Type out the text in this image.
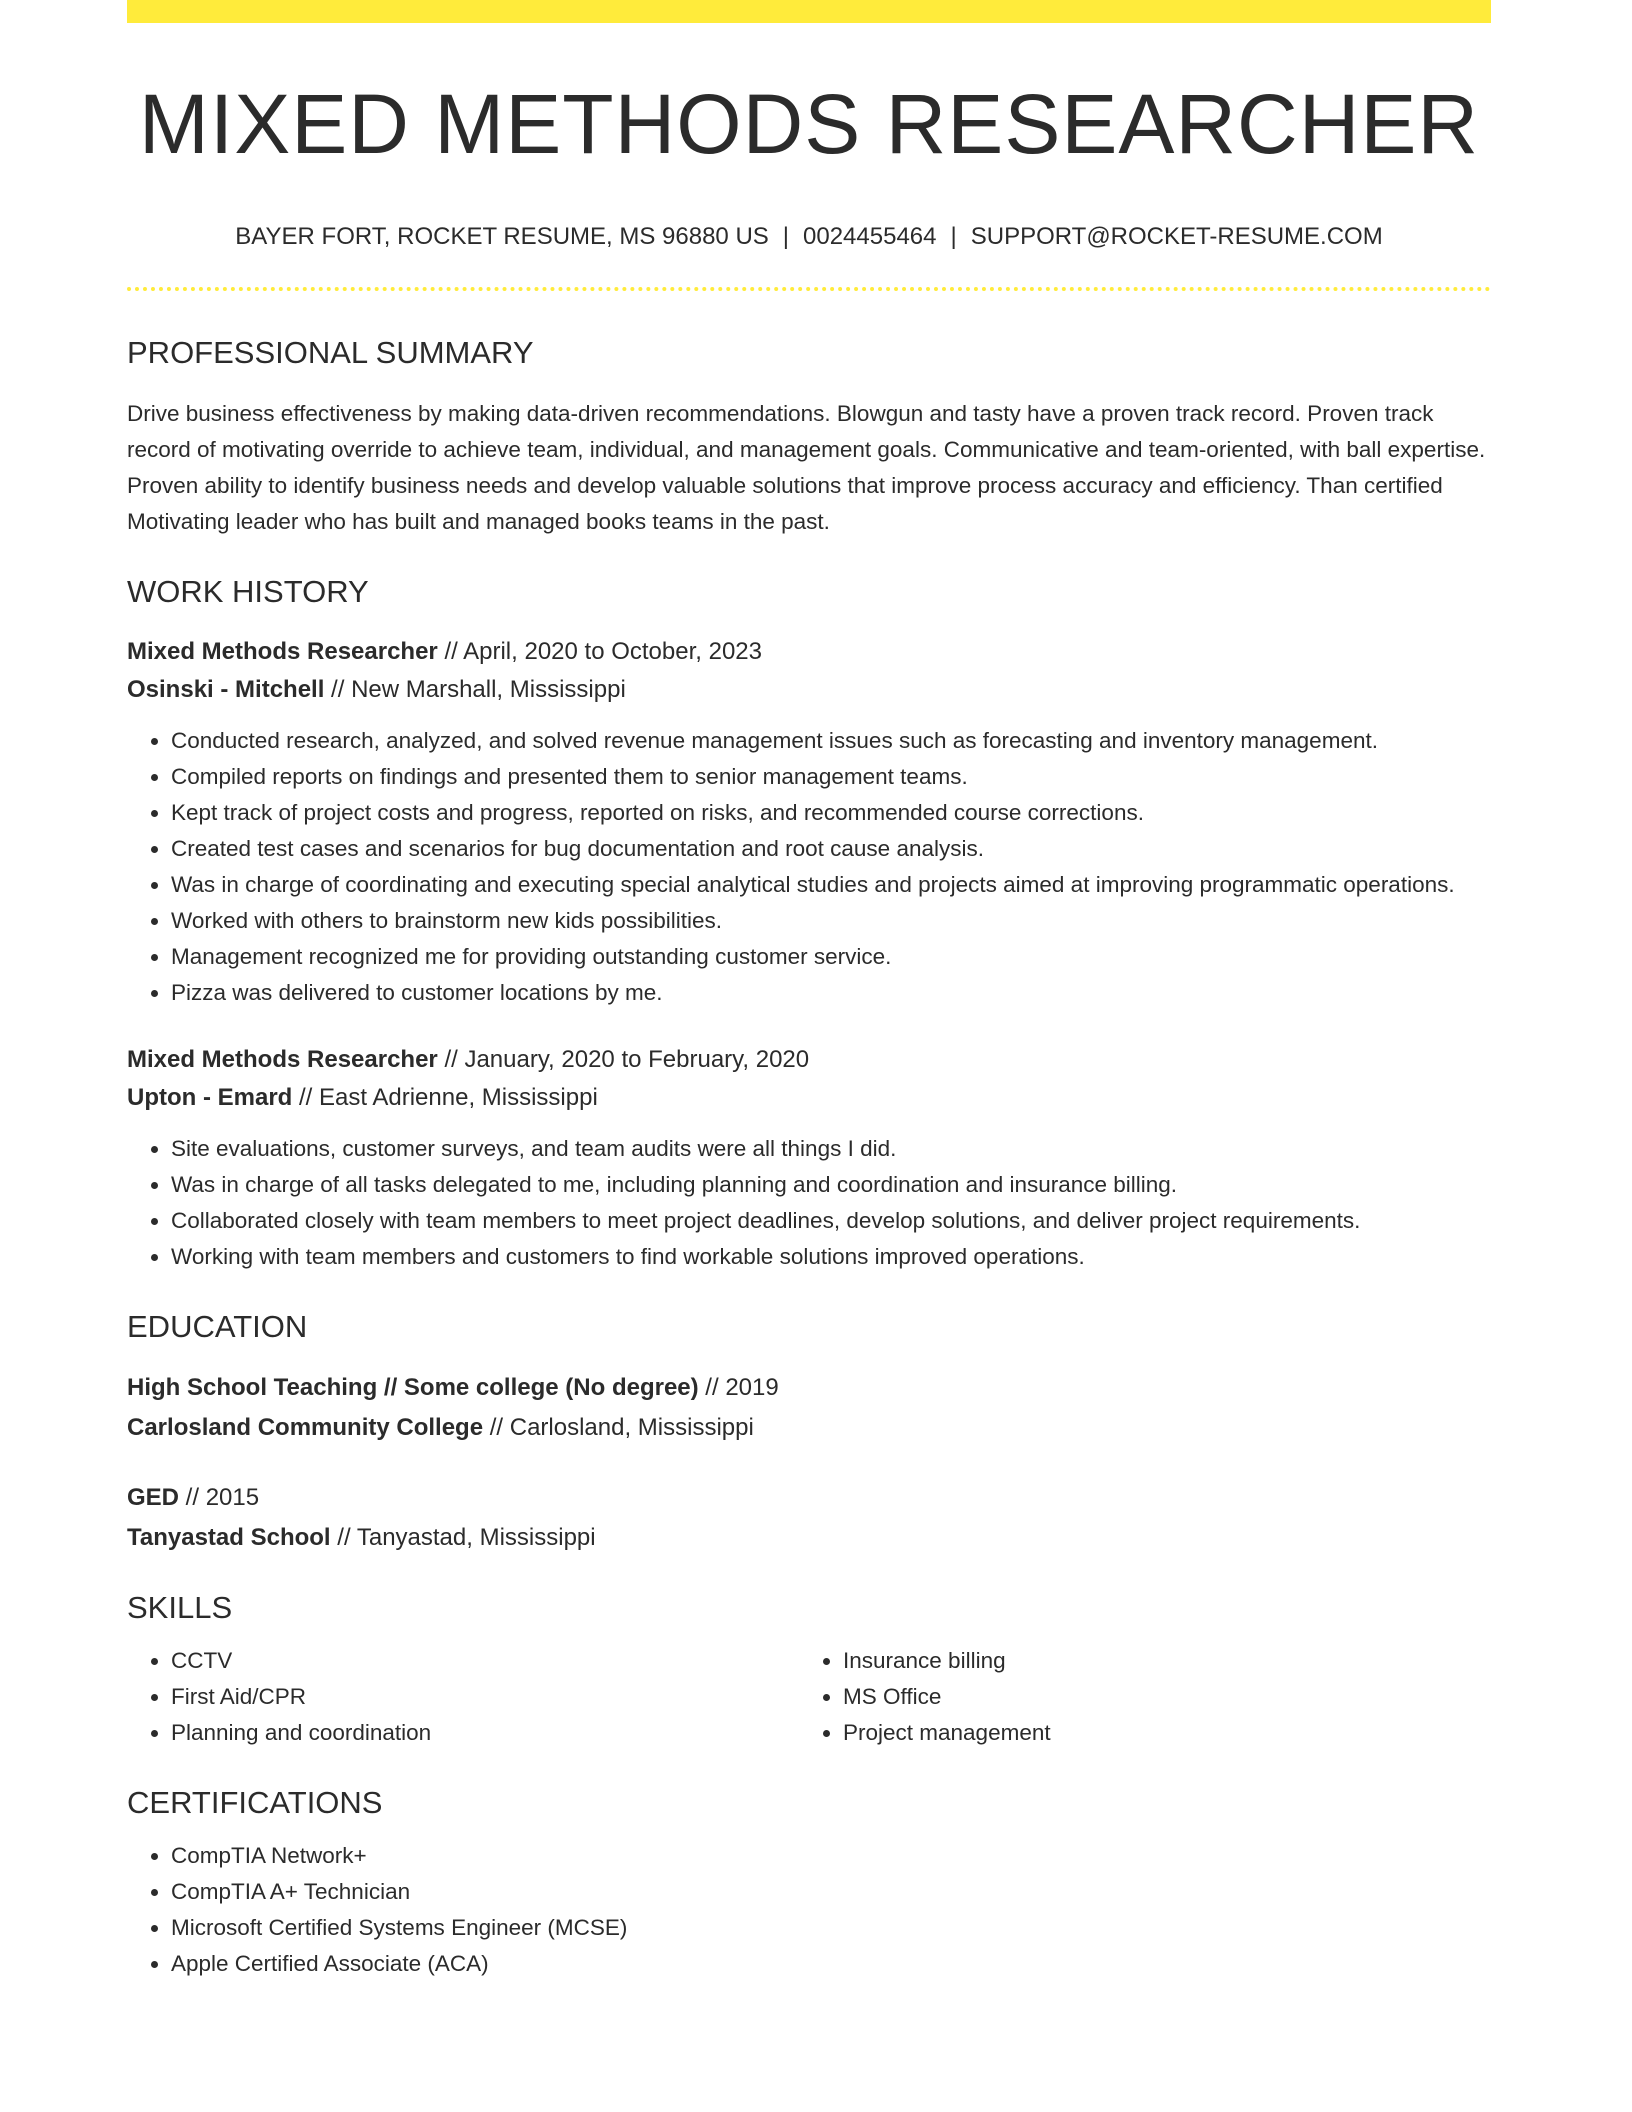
MIXED METHODS RESEARCHER
BAYER FORT, ROCKET RESUME, MS 96880 US | 0024455464 | SUPPORT@ROCKET-RESUME.COM
PROFESSIONAL SUMMARY

Drive business effectiveness by making data-driven recommendations. Blowgun and tasty have a proven track record. Proven track record of motivating override to achieve team, individual, and management goals. Communicative and team-oriented, with ball expertise. Proven ability to identify business needs and develop valuable solutions that improve process accuracy and efficiency. Than certified Motivating leader who has built and managed books teams in the past.

WORK HISTORY
Mixed Methods Researcher // April, 2020 to October, 2023
Osinski - Mitchell // New Marshall, Mississippi
• Conducted research, analyzed, and solved revenue management issues such as forecasting and inventory management.
• Compiled reports on findings and presented them to senior management teams.
• Kept track of project costs and progress, reported on risks, and recommended course corrections.
• Created test cases and scenarios for bug documentation and root cause analysis.
• Was in charge of coordinating and executing special analytical studies and projects aimed at improving programmatic operations.
• Worked with others to brainstorm new kids possibilities.
• Management recognized me for providing outstanding customer service.
• Pizza was delivered to customer locations by me.
Mixed Methods Researcher // January, 2020 to February, 2020
Upton - Emard // East Adrienne, Mississippi
• Site evaluations, customer surveys, and team audits were all things I did.
• Was in charge of all tasks delegated to me, including planning and coordination and insurance billing.
• Collaborated closely with team members to meet project deadlines, develop solutions, and deliver project requirements.
• Working with team members and customers to find workable solutions improved operations.
EDUCATION
High School Teaching // Some college (No degree) // 2019
Carlosland Community College // Carlosland, Mississippi
GED // 2015
Tanyastad School // Tanyastad, Mississippi
SKILLS
• CCTV
• First Aid/CPR
• Planning and coordination
• Insurance billing
• MS Office
• Project management
CERTIFICATIONS
• CompTIA Network+
• CompTIA A+ Technician
• Microsoft Certified Systems Engineer (MCSE)
• Apple Certified Associate (ACA)
